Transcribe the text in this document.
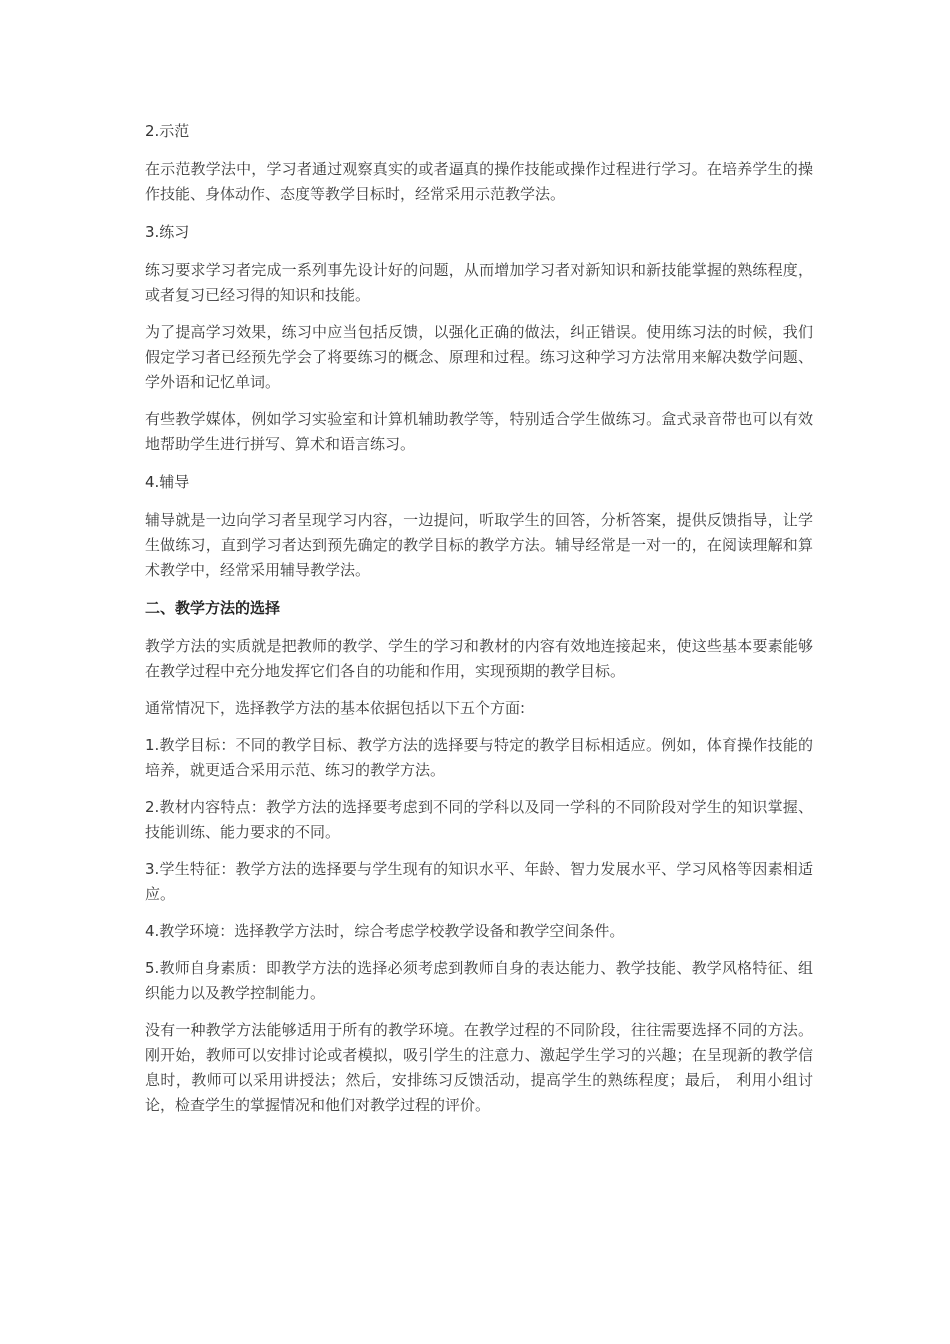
2.示范
在示范教学法中，学习者通过观察真实的或者逼真的操作技能或操作过程进行学习。在培养学生的操作技能、身体动作、态度等教学目标时，经常采用示范教学法。
3.练习
练习要求学习者完成一系列事先设计好的问题，从而增加学习者对新知识和新技能掌握的熟练程度，或者复习已经习得的知识和技能。
为了提高学习效果，练习中应当包括反馈，以强化正确的做法，纠正错误。使用练习法的时候，我们假定学习者已经预先学会了将要练习的概念、原理和过程。练习这种学习方法常用来解决数学问题、学外语和记忆单词。
有些教学媒体，例如学习实验室和计算机辅助教学等，特别适合学生做练习。盒式录音带也可以有效地帮助学生进行拼写、算术和语言练习。
4.辅导
辅导就是一边向学习者呈现学习内容，一边提问，听取学生的回答，分析答案，提供反馈指导，让学生做练习，直到学习者达到预先确定的教学目标的教学方法。辅导经常是一对一的，在阅读理解和算术教学中，经常采用辅导教学法。
二、教学方法的选择
教学方法的实质就是把教师的教学、学生的学习和教材的内容有效地连接起来，使这些基本要素能够在教学过程中充分地发挥它们各自的功能和作用，实现预期的教学目标。
通常情况下，选择教学方法的基本依据包括以下五个方面:
1.教学目标：不同的教学目标、教学方法的选择要与特定的教学目标相适应。例如，体育操作技能的培养，就更适合采用示范、练习的教学方法。
2.教材内容特点：教学方法的选择要考虑到不同的学科以及同一学科的不同阶段对学生的知识掌握、技能训练、能力要求的不同。
3.学生特征：教学方法的选择要与学生现有的知识水平、年龄、智力发展水平、学习风格等因素相适应。
4.教学环境：选择教学方法时，综合考虑学校教学设备和教学空间条件。
5.教师自身素质：即教学方法的选择必须考虑到教师自身的表达能力、教学技能、教学风格特征、组织能力以及教学控制能力。
没有一种教学方法能够适用于所有的教学环境。在教学过程的不同阶段，往往需要选择不同的方法。刚开始，教师可以安排讨论或者模拟，吸引学生的注意力、激起学生学习的兴趣；在呈现新的教学信息时，教师可以采用讲授法；然后，安排练习反馈活动，提高学生的熟练程度；最后， 利用小组讨论，检查学生的掌握情况和他们对教学过程的评价。
